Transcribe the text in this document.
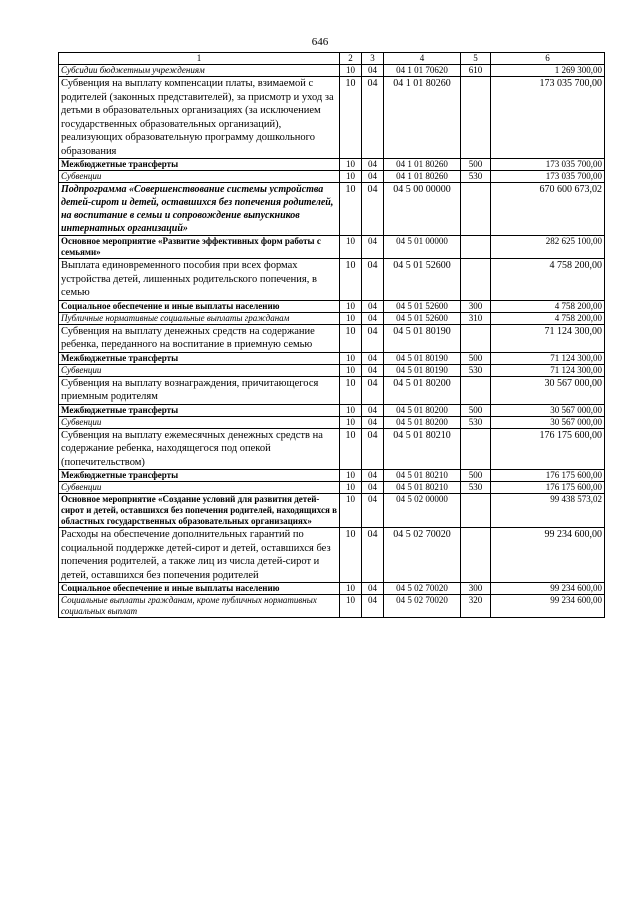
646
1	2	3	4	5	6
Субсидии бюджетным учреждениям	10	04	04 1 01 70620	610	1 269 300,00
Субвенция на выплату компенсации платы, взимаемой с родителей (законных представителей), за присмотр и уход за детьми в образовательных организациях (за исключением государственных образовательных организаций), реализующих образовательную программу дошкольного образования	10	04	04 1 01 80260		173 035 700,00
Межбюджетные трансферты	10	04	04 1 01 80260	500	173 035 700,00
Субвенции	10	04	04 1 01 80260	530	173 035 700,00
Подпрограмма «Совершенствование системы устройства детей-сирот и детей, оставшихся без попечения родителей, на воспитание в семьи и сопровождение выпускников интернатных организаций»	10	04	04 5 00 00000		670 600 673,02
Основное мероприятие «Развитие эффективных форм работы с семьями»	10	04	04 5 01 00000		282 625 100,00
Выплата единовременного пособия при всех формах устройства детей, лишенных родительского попечения, в семью	10	04	04 5 01 52600		4 758 200,00
Социальное обеспечение и иные выплаты населению	10	04	04 5 01 52600	300	4 758 200,00
Публичные нормативные социальные выплаты гражданам	10	04	04 5 01 52600	310	4 758 200,00
Субвенция на выплату денежных средств на содержание ребенка, переданного на воспитание в приемную семью	10	04	04 5 01 80190		71 124 300,00
Межбюджетные трансферты	10	04	04 5 01 80190	500	71 124 300,00
Субвенции	10	04	04 5 01 80190	530	71 124 300,00
Субвенция на выплату вознаграждения, причитающегося приемным родителям	10	04	04 5 01 80200		30 567 000,00
Межбюджетные трансферты	10	04	04 5 01 80200	500	30 567 000,00
Субвенции	10	04	04 5 01 80200	530	30 567 000,00
Субвенция на выплату ежемесячных денежных средств на содержание ребенка, находящегося под опекой (попечительством)	10	04	04 5 01 80210		176 175 600,00
Межбюджетные трансферты	10	04	04 5 01 80210	500	176 175 600,00
Субвенции	10	04	04 5 01 80210	530	176 175 600,00
Основное мероприятие «Создание условий для развития детей-сирот и детей, оставшихся без попечения родителей, находящихся в областных государственных образовательных организациях»	10	04	04 5 02 00000		99 438 573,02
Расходы на обеспечение дополнительных гарантий по социальной поддержке детей-сирот и детей, оставшихся без попечения родителей, а также лиц из числа детей-сирот и детей, оставшихся без попечения родителей	10	04	04 5 02 70020		99 234 600,00
Социальное обеспечение и иные выплаты населению	10	04	04 5 02 70020	300	99 234 600,00
Социальные выплаты гражданам, кроме публичных нормативных социальных выплат	10	04	04 5 02 70020	320	99 234 600,00
